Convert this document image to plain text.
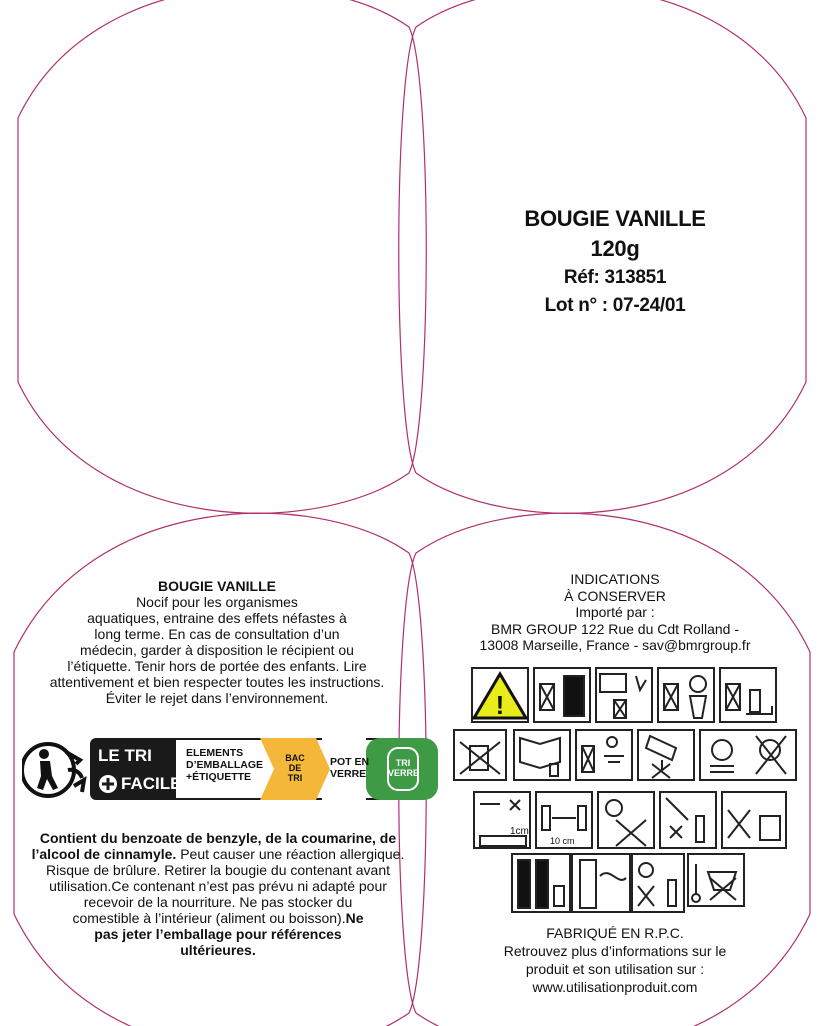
BOUGIE VANILLE
120g
Réf: 313851
Lot n° : 07-24/01
BOUGIE VANILLE
Nocif pour les organismes
aquatiques, entraine des effets néfastes à
long terme. En cas de consultation d’un
médecin, garder à disposition le récipient ou
l’étiquette. Tenir hors de portée des enfants. Lire
attentivement et bien respecter toutes les instructions.
Éviter le rejet dans l’environnement.
LE TRI
FACILE
ELEMENTS
D’EMBALLAGE
+ÉTIQUETTE
BAC
DE
TRI
POT EN
VERRE
TRI
VERRE
Contient du benzoate de benzyle, de la coumarine, de
l’alcool de cinnamyle. Peut causer une réaction allergique.
Risque de brûlure. Retirer la bougie du contenant avant
utilisation.Ce contenant n’est pas prévu ni adapté pour
recevoir de la nourriture. Ne pas stocker du
comestible à l’intérieur (aliment ou boisson).Ne
pas jeter l’emballage pour références
ultérieures.
INDICATIONS
À CONSERVER
Importé par :
BMR GROUP 122 Rue du Cdt Rolland -
13008 Marseille, France - sav@bmrgroup.fr
!
1cm
10 cm
FABRIQUÉ EN R.P.C.
Retrouvez plus d’informations sur le
produit et son utilisation sur :
www.utilisationproduit.com
